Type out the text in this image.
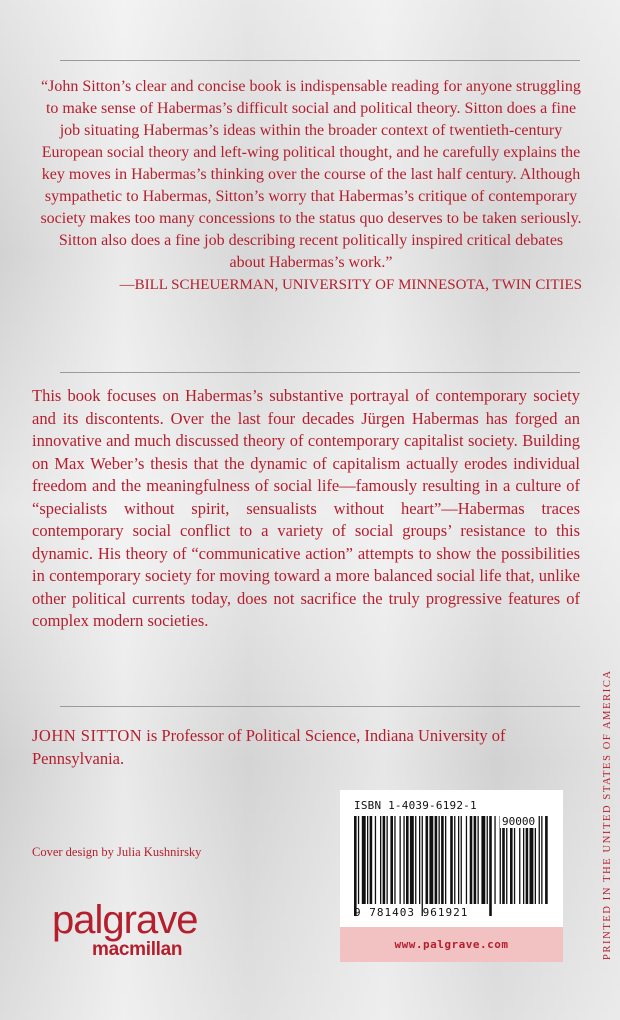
“John Sitton’s clear and concise book is indispensable reading for anyone struggling to make sense of Habermas’s difficult social and political theory. Sitton does a fine job situating Habermas’s ideas within the broader context of twentieth-century European social theory and left-wing political thought, and he carefully explains the key moves in Habermas’s thinking over the course of the last half century. Although sympathetic to Habermas, Sitton’s worry that Habermas’s critique of contemporary society makes too many concessions to the status quo deserves to be taken seriously. Sitton also does a fine job describing recent politically inspired critical debates about Habermas’s work.”
—BILL SCHEUERMAN, UNIVERSITY OF MINNESOTA, TWIN CITIES
This book focuses on Habermas’s substantive portrayal of contemporary society and its discontents. Over the last four decades Jürgen Habermas has forged an innovative and much discussed theory of contemporary capitalist society. Building on Max Weber’s thesis that the dynamic of capitalism actually erodes individual freedom and the meaningfulness of social life—famously resulting in a culture of “specialists without spirit, sensualists without heart”—Habermas traces contemporary social conflict to a variety of social groups’ resistance to this dynamic. His theory of “communicative action” attempts to show the possibilities in contemporary society for moving toward a more balanced social life that, unlike other political currents today, does not sacrifice the truly progressive features of complex modern societies.
JOHN SITTON is Professor of Political Science, Indiana University of Pennsylvania.
Cover design by Julia Kushnirsky
palgrave
macmillan
ISBN 1-4039-6192-1
90000
9 781403 961921
www.palgrave.com	PRINTED IN THE UNITED STATES OF AMERICA
